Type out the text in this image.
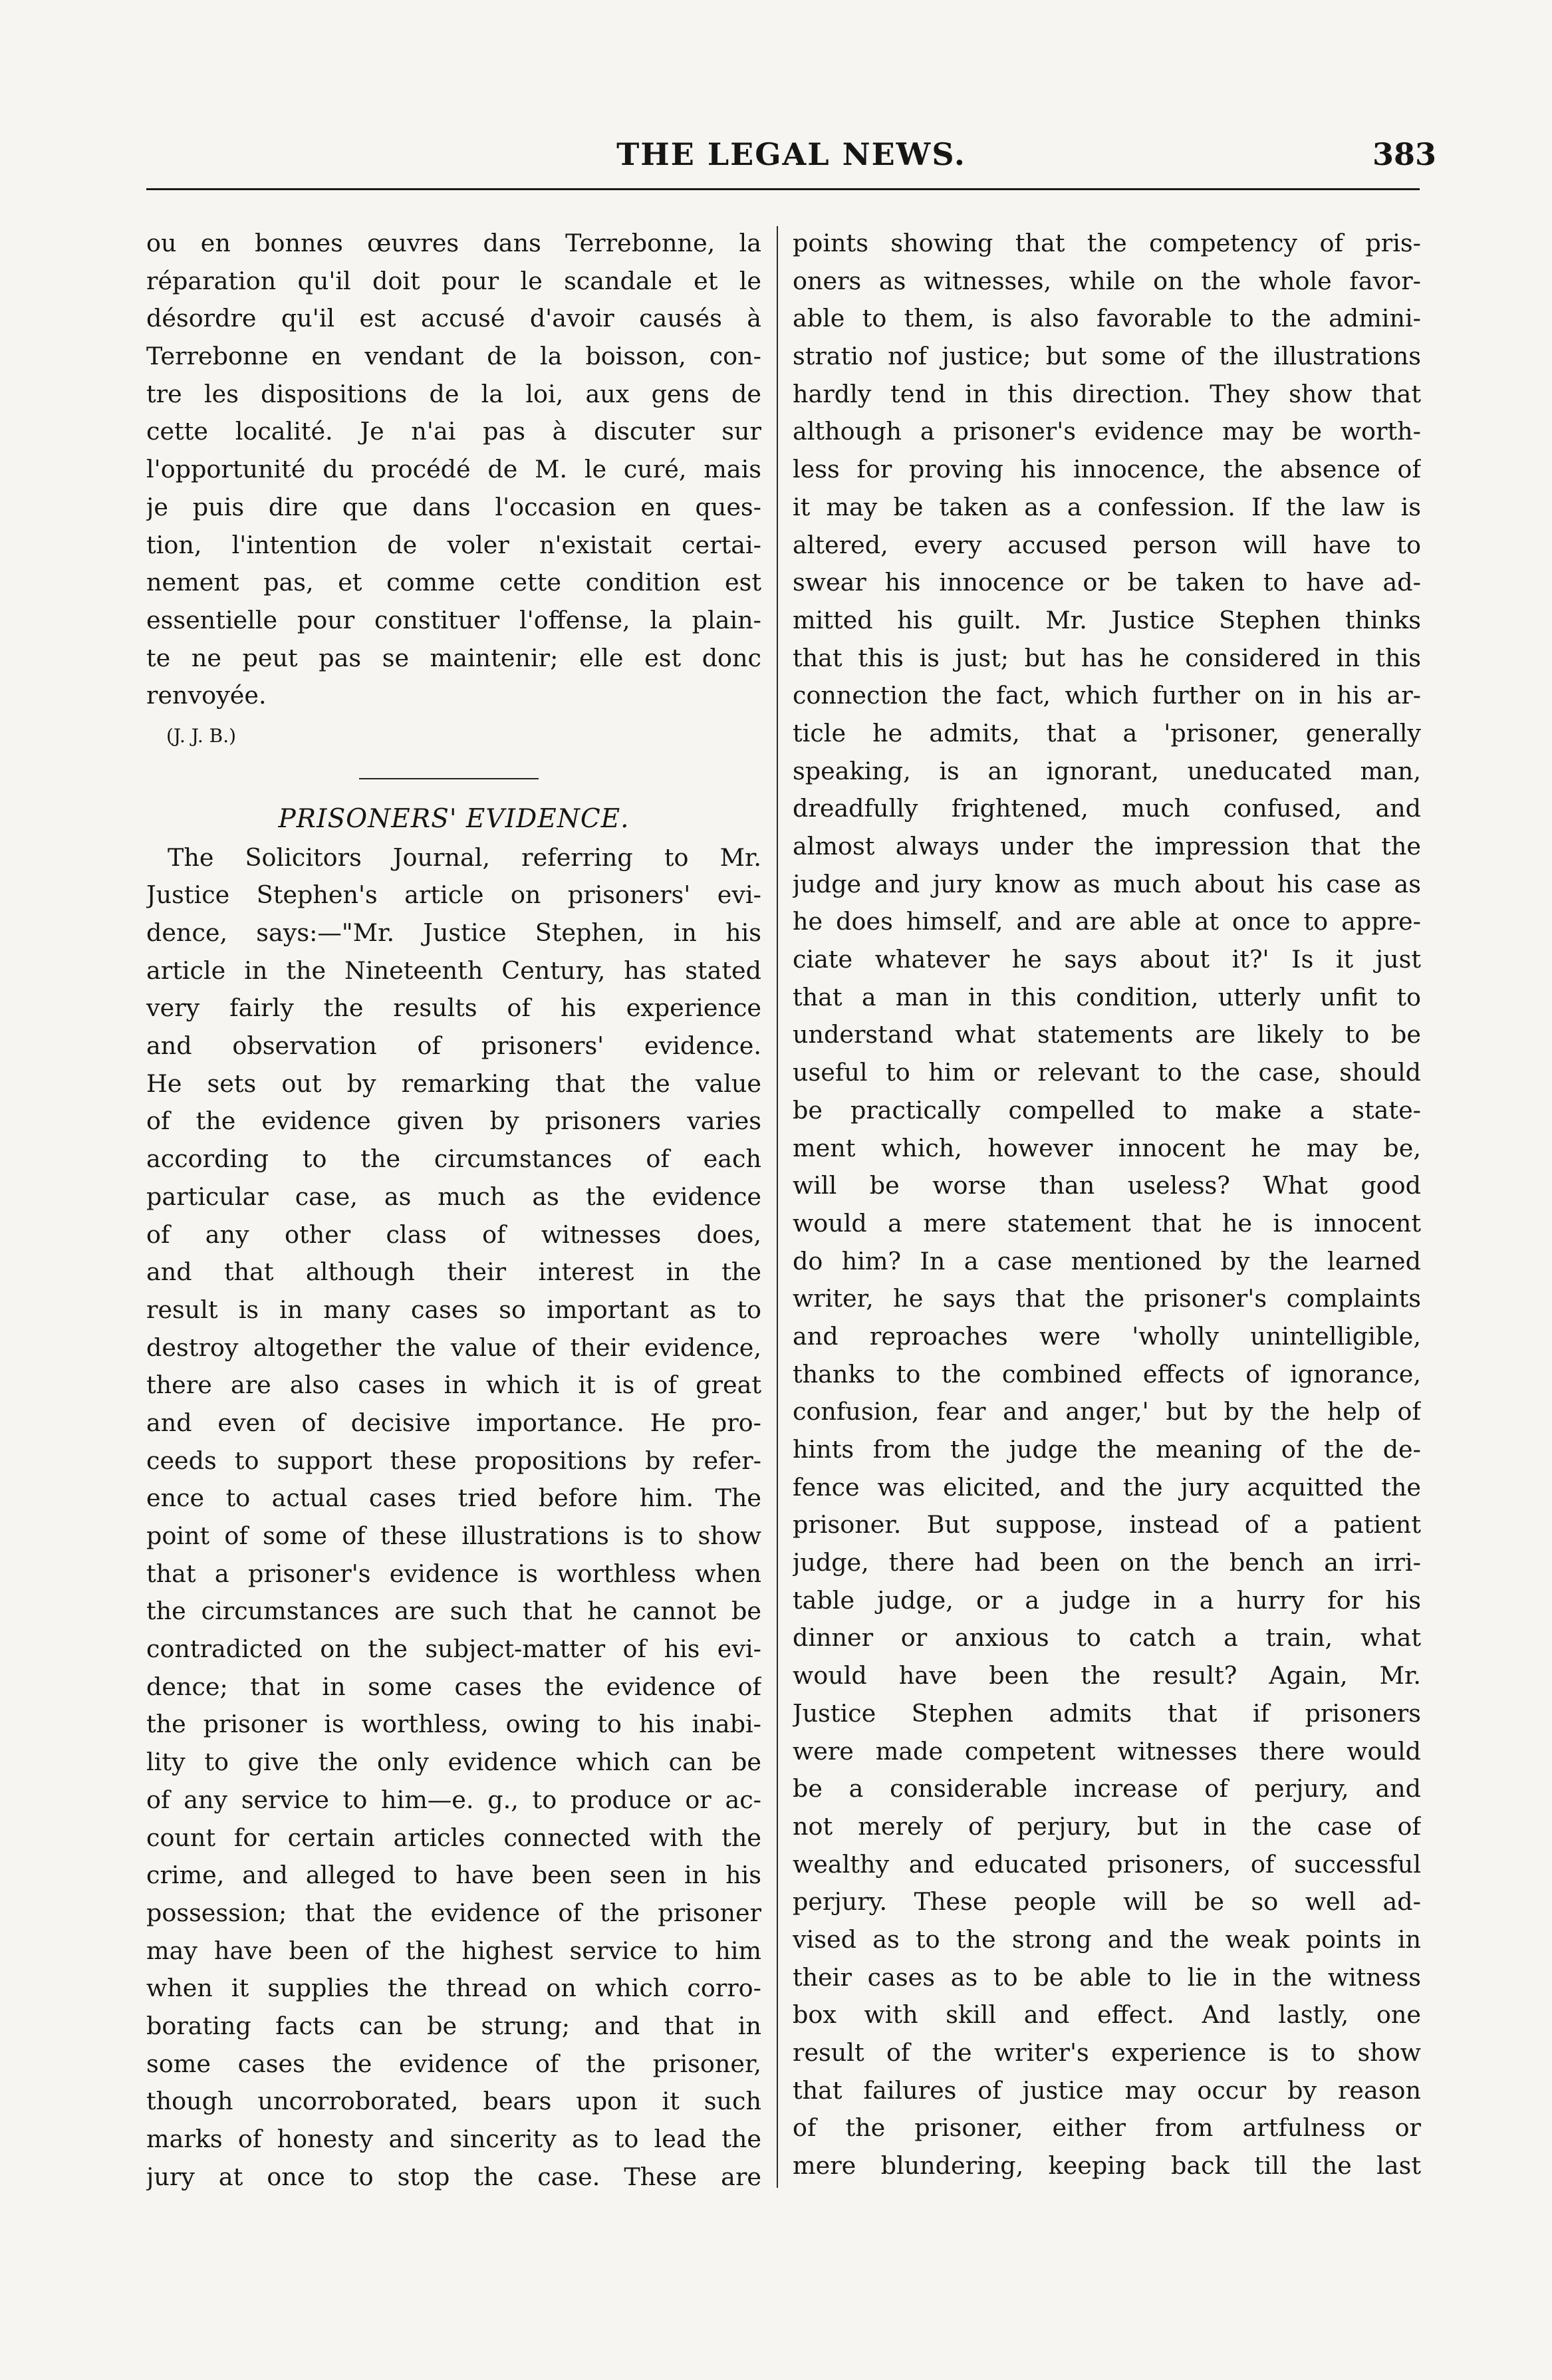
THE LEGAL NEWS.	383
ou en bonnes œuvres dans Terrebonne, la
réparation qu'il doit pour le scandale et le
désordre qu'il est accusé d'avoir causés à
Terrebonne en vendant de la boisson, con-
tre les dispositions de la loi, aux gens de
cette localité. Je n'ai pas à discuter sur
l'opportunité du procédé de M. le curé, mais
je puis dire que dans l'occasion en ques-
tion, l'intention de voler n'existait certai-
nement pas, et comme cette condition est
essentielle pour constituer l'offense, la plain-
te ne peut pas se maintenir; elle est donc
renvoyée.
(J. J. B.)
PRISONERS' EVIDENCE.
The Solicitors Journal, referring to Mr.
Justice Stephen's article on prisoners' evi-
dence, says:—"Mr. Justice Stephen, in his
article in the Nineteenth Century, has stated
very fairly the results of his experience
and observation of prisoners' evidence.
He sets out by remarking that the value
of the evidence given by prisoners varies
according to the circumstances of each
particular case, as much as the evidence
of any other class of witnesses does,
and that although their interest in the
result is in many cases so important as to
destroy altogether the value of their evidence,
there are also cases in which it is of great
and even of decisive importance. He pro-
ceeds to support these propositions by refer-
ence to actual cases tried before him. The
point of some of these illustrations is to show
that a prisoner's evidence is worthless when
the circumstances are such that he cannot be
contradicted on the subject-matter of his evi-
dence; that in some cases the evidence of
the prisoner is worthless, owing to his inabi-
lity to give the only evidence which can be
of any service to him—e. g., to produce or ac-
count for certain articles connected with the
crime, and alleged to have been seen in his
possession; that the evidence of the prisoner
may have been of the highest service to him
when it supplies the thread on which corro-
borating facts can be strung; and that in
some cases the evidence of the prisoner,
though uncorroborated, bears upon it such
marks of honesty and sincerity as to lead the
jury at once to stop the case. These are
points showing that the competency of pris-
oners as witnesses, while on the whole favor-
able to them, is also favorable to the admini-
stratio nof justice; but some of the illustrations
hardly tend in this direction. They show that
although a prisoner's evidence may be worth-
less for proving his innocence, the absence of
it may be taken as a confession. If the law is
altered, every accused person will have to
swear his innocence or be taken to have ad-
mitted his guilt. Mr. Justice Stephen thinks
that this is just; but has he considered in this
connection the fact, which further on in his ar-
ticle he admits, that a 'prisoner, generally
speaking, is an ignorant, uneducated man,
dreadfully frightened, much confused, and
almost always under the impression that the
judge and jury know as much about his case as
he does himself, and are able at once to appre-
ciate whatever he says about it?' Is it just
that a man in this condition, utterly unfit to
understand what statements are likely to be
useful to him or relevant to the case, should
be practically compelled to make a state-
ment which, however innocent he may be,
will be worse than useless? What good
would a mere statement that he is innocent
do him? In a case mentioned by the learned
writer, he says that the prisoner's complaints
and reproaches were 'wholly unintelligible,
thanks to the combined effects of ignorance,
confusion, fear and anger,' but by the help of
hints from the judge the meaning of the de-
fence was elicited, and the jury acquitted the
prisoner. But suppose, instead of a patient
judge, there had been on the bench an irri-
table judge, or a judge in a hurry for his
dinner or anxious to catch a train, what
would have been the result? Again, Mr.
Justice Stephen admits that if prisoners
were made competent witnesses there would
be a considerable increase of perjury, and
not merely of perjury, but in the case of
wealthy and educated prisoners, of successful
perjury. These people will be so well ad-
vised as to the strong and the weak points in
their cases as to be able to lie in the witness
box with skill and effect. And lastly, one
result of the writer's experience is to show
that failures of justice may occur by reason
of the prisoner, either from artfulness or
mere blundering, keeping back till the last
